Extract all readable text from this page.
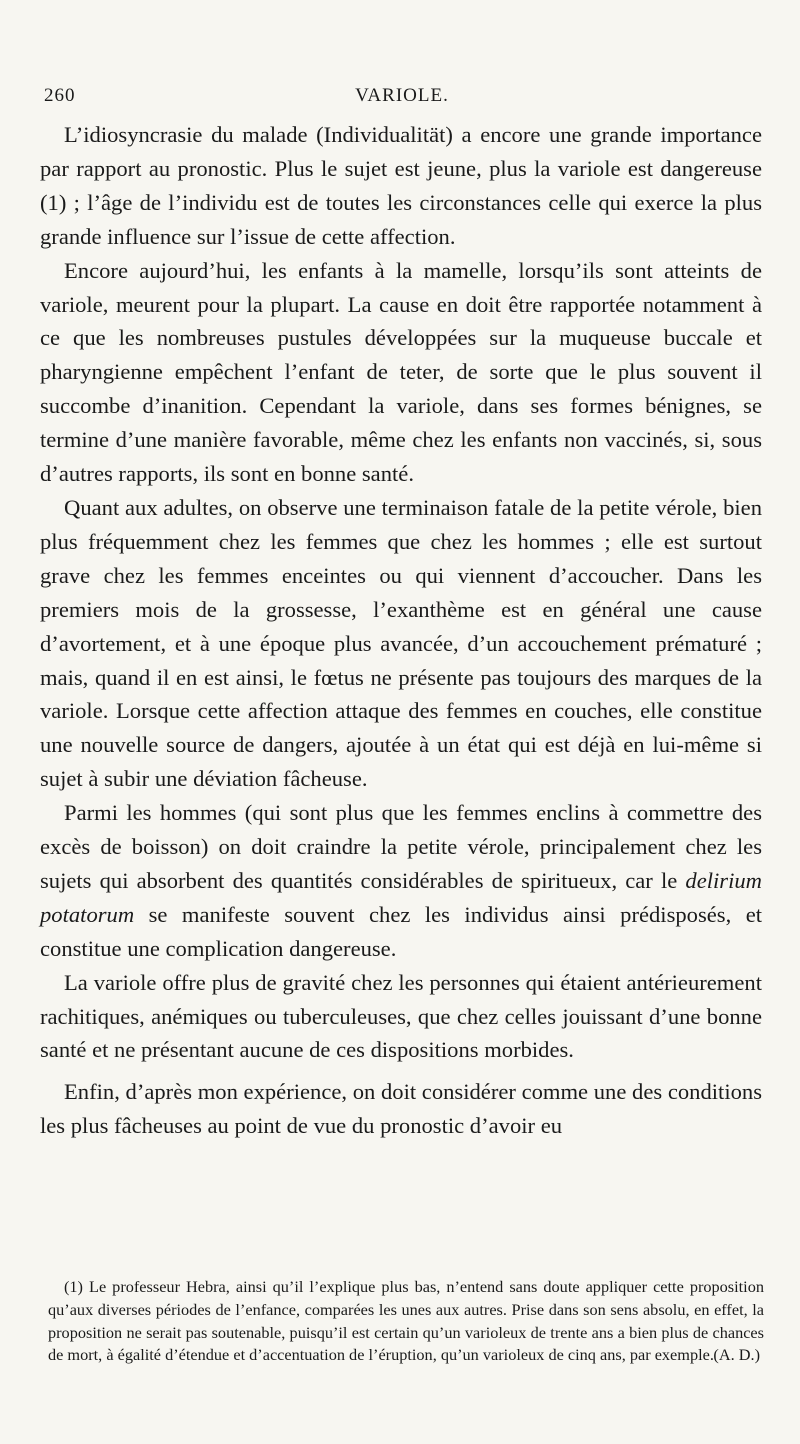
260	VARIOLE.

L’idiosyncrasie du malade (Individualität) a encore une grande importance par rapport au pronostic. Plus le sujet est jeune, plus la variole est dangereuse (1) ; l’âge de l’individu est de toutes les circonstances celle qui exerce la plus grande influence sur l’issue de cette affection.

Encore aujourd’hui, les enfants à la mamelle, lorsqu’ils sont atteints de variole, meurent pour la plupart. La cause en doit être rapportée notamment à ce que les nombreuses pustules développées sur la muqueuse buccale et pharyngienne empêchent l’enfant de teter, de sorte que le plus souvent il succombe d’inanition. Cependant la variole, dans ses formes bénignes, se termine d’une manière favorable, même chez les enfants non vaccinés, si, sous d’autres rapports, ils sont en bonne santé.

Quant aux adultes, on observe une terminaison fatale de la petite vérole, bien plus fréquemment chez les femmes que chez les hommes ; elle est surtout grave chez les femmes enceintes ou qui viennent d’accoucher. Dans les premiers mois de la grossesse, l’exanthème est en général une cause d’avortement, et à une époque plus avancée, d’un accouchement prématuré ; mais, quand il en est ainsi, le fœtus ne présente pas toujours des marques de la variole. Lorsque cette affection attaque des femmes en couches, elle constitue une nouvelle source de dangers, ajoutée à un état qui est déjà en lui-même si sujet à subir une déviation fâcheuse.

Parmi les hommes (qui sont plus que les femmes enclins à commettre des excès de boisson) on doit craindre la petite vérole, principalement chez les sujets qui absorbent des quantités considérables de spiritueux, car le delirium potatorum se manifeste souvent chez les individus ainsi prédisposés, et constitue une complication dangereuse.

La variole offre plus de gravité chez les personnes qui étaient antérieurement rachitiques, anémiques ou tuberculeuses, que chez celles jouissant d’une bonne santé et ne présentant aucune de ces dispositions morbides.

Enfin, d’après mon expérience, on doit considérer comme une des conditions les plus fâcheuses au point de vue du pronostic d’avoir eu

(1) Le professeur Hebra, ainsi qu’il l’explique plus bas, n’entend sans doute appliquer cette proposition qu’aux diverses périodes de l’enfance, comparées les unes aux autres. Prise dans son sens absolu, en effet, la proposition ne serait pas soutenable, puisqu’il est certain qu’un varioleux de trente ans a bien plus de chances de mort, à égalité d’étendue et d’accentuation de l’éruption, qu’un varioleux de cinq ans, par exemple. (A. D.)
